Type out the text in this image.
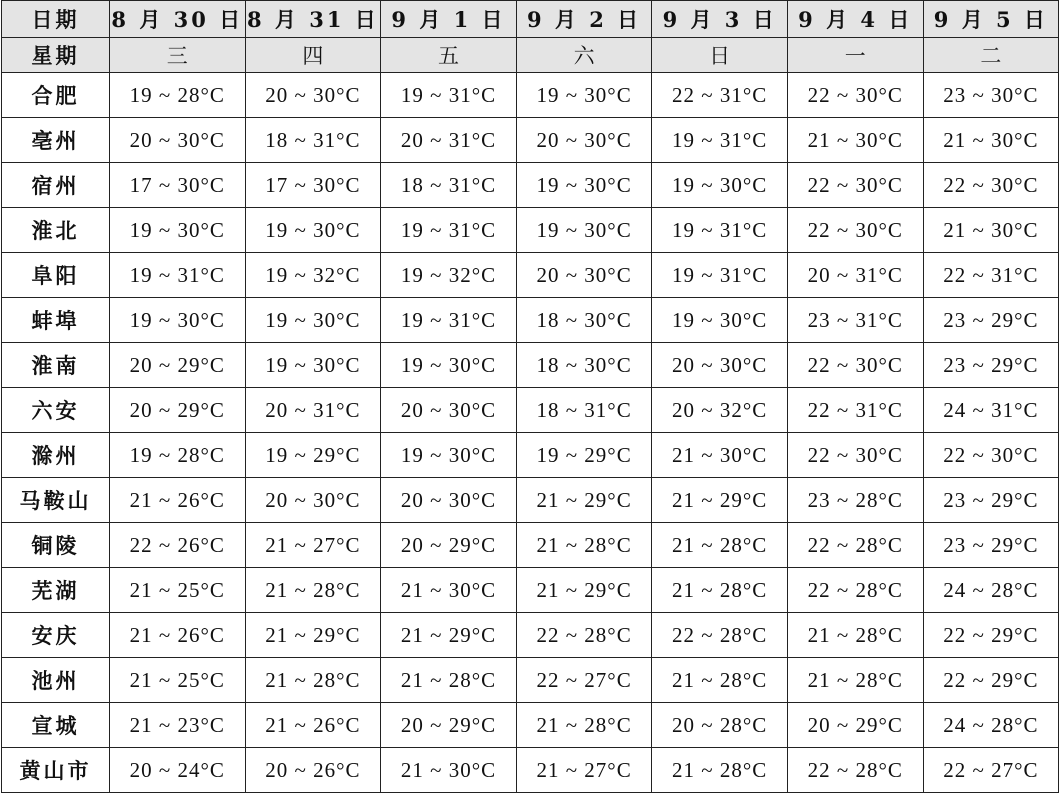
日期	8 月 30 日	8 月 31 日	9 月 1 日	9 月 2 日	9 月 3 日	9 月 4 日	9 月 5 日
星期	三	四	五	六	日	一	二
合肥	19 ~ 28°C	20 ~ 30°C	19 ~ 31°C	19 ~ 30°C	22 ~ 31°C	22 ~ 30°C	23 ~ 30°C
亳州	20 ~ 30°C	18 ~ 31°C	20 ~ 31°C	20 ~ 30°C	19 ~ 31°C	21 ~ 30°C	21 ~ 30°C
宿州	17 ~ 30°C	17 ~ 30°C	18 ~ 31°C	19 ~ 30°C	19 ~ 30°C	22 ~ 30°C	22 ~ 30°C
淮北	19 ~ 30°C	19 ~ 30°C	19 ~ 31°C	19 ~ 30°C	19 ~ 31°C	22 ~ 30°C	21 ~ 30°C
阜阳	19 ~ 31°C	19 ~ 32°C	19 ~ 32°C	20 ~ 30°C	19 ~ 31°C	20 ~ 31°C	22 ~ 31°C
蚌埠	19 ~ 30°C	19 ~ 30°C	19 ~ 31°C	18 ~ 30°C	19 ~ 30°C	23 ~ 31°C	23 ~ 29°C
淮南	20 ~ 29°C	19 ~ 30°C	19 ~ 30°C	18 ~ 30°C	20 ~ 30°C	22 ~ 30°C	23 ~ 29°C
六安	20 ~ 29°C	20 ~ 31°C	20 ~ 30°C	18 ~ 31°C	20 ~ 32°C	22 ~ 31°C	24 ~ 31°C
滁州	19 ~ 28°C	19 ~ 29°C	19 ~ 30°C	19 ~ 29°C	21 ~ 30°C	22 ~ 30°C	22 ~ 30°C
马鞍山	21 ~ 26°C	20 ~ 30°C	20 ~ 30°C	21 ~ 29°C	21 ~ 29°C	23 ~ 28°C	23 ~ 29°C
铜陵	22 ~ 26°C	21 ~ 27°C	20 ~ 29°C	21 ~ 28°C	21 ~ 28°C	22 ~ 28°C	23 ~ 29°C
芜湖	21 ~ 25°C	21 ~ 28°C	21 ~ 30°C	21 ~ 29°C	21 ~ 28°C	22 ~ 28°C	24 ~ 28°C
安庆	21 ~ 26°C	21 ~ 29°C	21 ~ 29°C	22 ~ 28°C	22 ~ 28°C	21 ~ 28°C	22 ~ 29°C
池州	21 ~ 25°C	21 ~ 28°C	21 ~ 28°C	22 ~ 27°C	21 ~ 28°C	21 ~ 28°C	22 ~ 29°C
宣城	21 ~ 23°C	21 ~ 26°C	20 ~ 29°C	21 ~ 28°C	20 ~ 28°C	20 ~ 29°C	24 ~ 28°C
黄山市	20 ~ 24°C	20 ~ 26°C	21 ~ 30°C	21 ~ 27°C	21 ~ 28°C	22 ~ 28°C	22 ~ 27°C
